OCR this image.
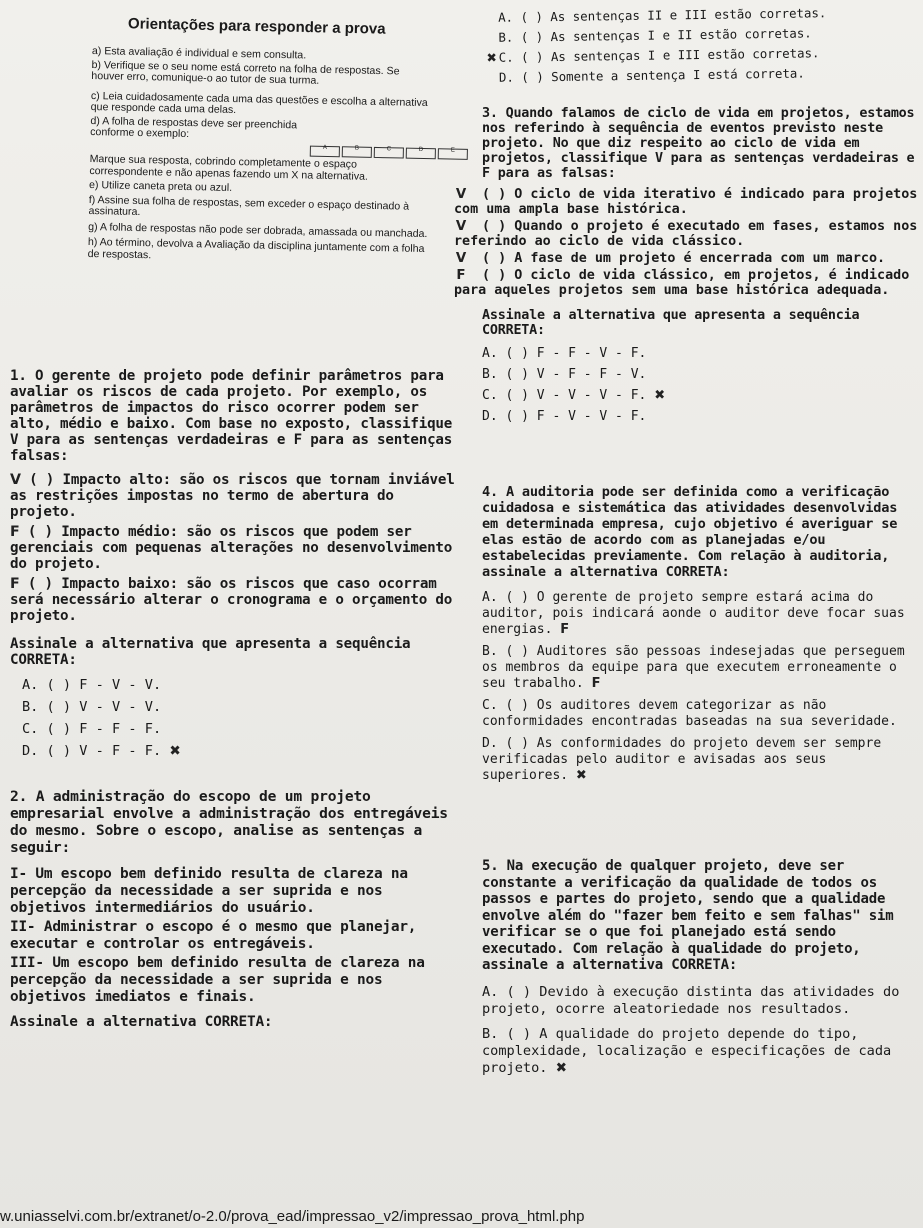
Orientações para responder a prova
a) Esta avaliação é individual e sem consulta.
b) Verifique se o seu nome está correto na folha de respostas. Se houver erro, comunique-o ao tutor de sua turma.
c) Leia cuidadosamente cada uma das questões e escolha a alternativa que responde cada uma delas.
d) A folha de respostas deve ser preenchida conforme o exemplo:
A	B	C	D	E
Marque sua resposta, cobrindo completamente o espaço correspondente e não apenas fazendo um X na alternativa.
e) Utilize caneta preta ou azul.
f) Assine sua folha de respostas, sem exceder o espaço destinado à assinatura.
g) A folha de respostas não pode ser dobrada, amassada ou manchada.
h) Ao término, devolva a Avaliação da disciplina juntamente com a folha de respostas.
A. ( ) As sentenças II e III estão corretas.
B. ( ) As sentenças I e II estão corretas.
✖ C. ( ) As sentenças I e III estão corretas.
D. ( ) Somente a sentença I está correta.
3. Quando falamos de ciclo de vida em projetos, estamos nos referindo à sequência de eventos previsto neste projeto. No que diz respeito ao ciclo de vida em projetos, classifique V para as sentenças verdadeiras e F para as falsas:
V ( ) O ciclo de vida iterativo é indicado para projetos com uma ampla base histórica.
V ( ) Quando o projeto é executado em fases, estamos nos referindo ao ciclo de vida clássico.
V ( ) A fase de um projeto é encerrada com um marco.
F ( ) O ciclo de vida clássico, em projetos, é indicado para aqueles projetos sem uma base histórica adequada.
Assinale a alternativa que apresenta a sequência CORRETA:
A. ( ) F - F - V - F.
B. ( ) V - F - F - V.
C. ( ) V - V - V - F. ✖
D. ( ) F - V - V - F.
1. O gerente de projeto pode definir parâmetros para avaliar os riscos de cada projeto. Por exemplo, os parâmetros de impactos do risco ocorrer podem ser alto, médio e baixo. Com base no exposto, classifique V para as sentenças verdadeiras e F para as sentenças falsas:
V ( ) Impacto alto: são os riscos que tornam inviável as restrições impostas no termo de abertura do projeto.
F ( ) Impacto médio: são os riscos que podem ser gerenciais com pequenas alterações no desenvolvimento do projeto.
F ( ) Impacto baixo: são os riscos que caso ocorram será necessário alterar o cronograma e o orçamento do projeto.
Assinale a alternativa que apresenta a sequência CORRETA:
A. ( ) F - V - V.
B. ( ) V - V - V.
C. ( ) F - F - F.
D. ( ) V - F - F. ✖
4. A auditoria pode ser definida como a verificação cuidadosa e sistemática das atividades desenvolvidas em determinada empresa, cujo objetivo é averiguar se elas estão de acordo com as planejadas e/ou estabelecidas previamente. Com relação à auditoria, assinale a alternativa CORRETA:
A. ( ) O gerente de projeto sempre estará acima do auditor, pois indicará aonde o auditor deve focar suas energias. F
B. ( ) Auditores são pessoas indesejadas que perseguem os membros da equipe para que executem erroneamente o seu trabalho. F
C. ( ) Os auditores devem categorizar as não conformidades encontradas baseadas na sua severidade.
D. ( ) As conformidades do projeto devem ser sempre verificadas pelo auditor e avisadas aos seus superiores. ✖
2. A administração do escopo de um projeto empresarial envolve a administração dos entregáveis do mesmo. Sobre o escopo, analise as sentenças a seguir:
I- Um escopo bem definido resulta de clareza na percepção da necessidade a ser suprida e nos objetivos intermediários do usuário.
II- Administrar o escopo é o mesmo que planejar, executar e controlar os entregáveis.
III- Um escopo bem definido resulta de clareza na percepção da necessidade a ser suprida e nos objetivos imediatos e finais.
Assinale a alternativa CORRETA:
5. Na execução de qualquer projeto, deve ser constante a verificação da qualidade de todos os passos e partes do projeto, sendo que a qualidade envolve além do "fazer bem feito e sem falhas" sim verificar se o que foi planejado está sendo executado. Com relação à qualidade do projeto, assinale a alternativa CORRETA:
A. ( ) Devido à execução distinta das atividades do projeto, ocorre aleatoriedade nos resultados.
B. ( ) A qualidade do projeto depende do tipo, complexidade, localização e especificações de cada projeto. ✖
w.uniasselvi.com.br/extranet/o-2.0/prova_ead/impressao_v2/impressao_prova_html.php
